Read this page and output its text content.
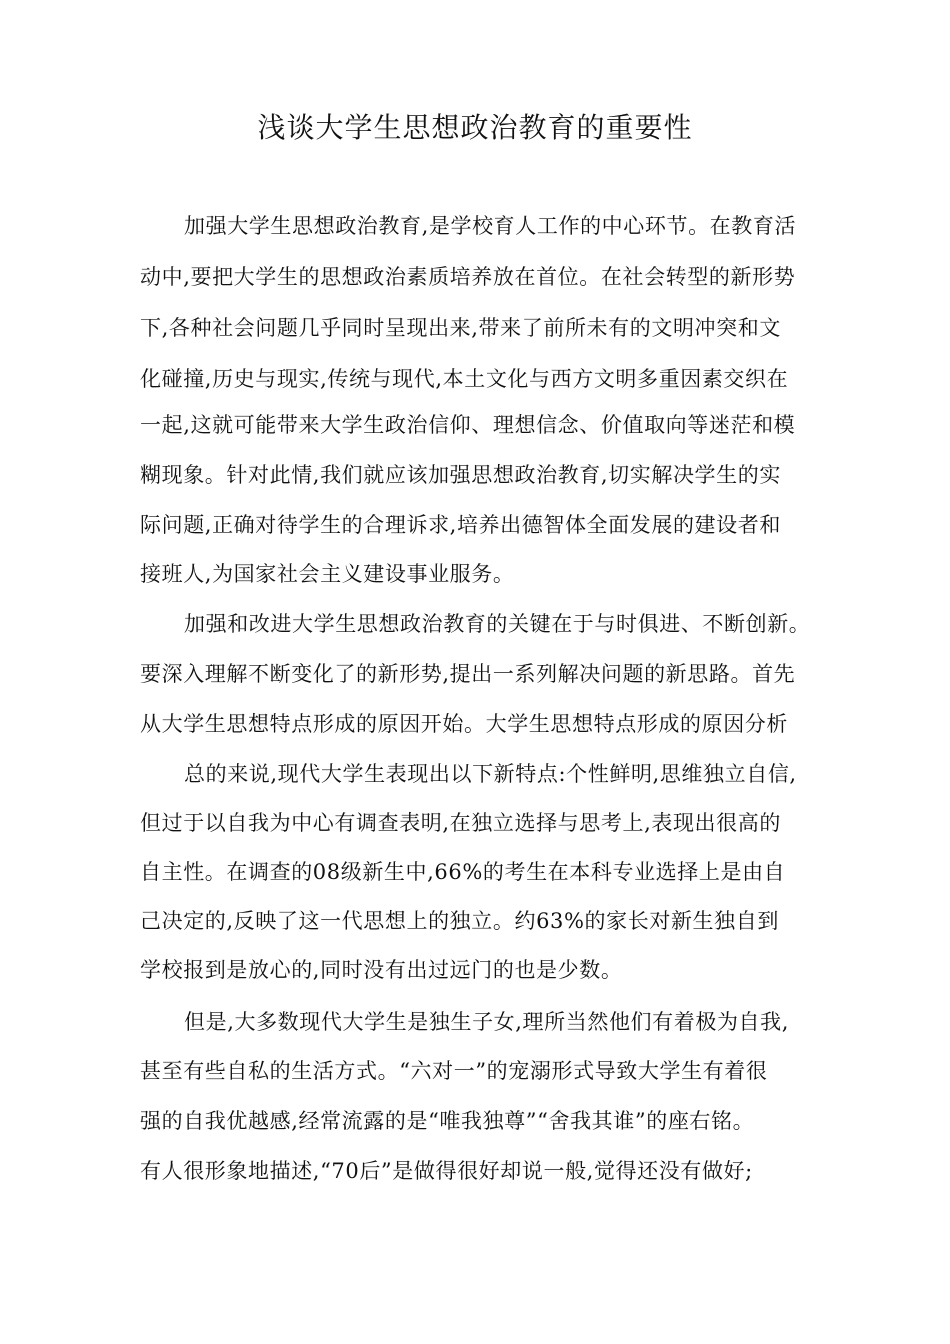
浅谈大学生思想政治教育的重要性
加强大学生思想政治教育,是学校育人工作的中心环节。在教育活
动中,要把大学生的思想政治素质培养放在首位。在社会转型的新形势
下,各种社会问题几乎同时呈现出来,带来了前所未有的文明冲突和文
化碰撞,历史与现实,传统与现代,本土文化与西方文明多重因素交织在
一起,这就可能带来大学生政治信仰、理想信念、价值取向等迷茫和模
糊现象。针对此情,我们就应该加强思想政治教育,切实解决学生的实
际问题,正确对待学生的合理诉求,培养出德智体全面发展的建设者和
接班人,为国家社会主义建设事业服务。
加强和改进大学生思想政治教育的关键在于与时俱进、不断创新。
要深入理解不断变化了的新形势,提出一系列解决问题的新思路。首先
从大学生思想特点形成的原因开始。大学生思想特点形成的原因分析
总的来说,现代大学生表现出以下新特点:个性鲜明,思维独立自信,
但过于以自我为中心有调查表明,在独立选择与思考上,表现出很高的
自主性。在调查的08级新生中,66%的考生在本科专业选择上是由自
己决定的,反映了这一代思想上的独立。约63%的家长对新生独自到
学校报到是放心的,同时没有出过远门的也是少数。
但是,大多数现代大学生是独生子女,理所当然他们有着极为自我,
甚至有些自私的生活方式。“六对一”的宠溺形式导致大学生有着很
强的自我优越感,经常流露的是“唯我独尊”“舍我其谁”的座右铭。
有人很形象地描述,“70后”是做得很好却说一般,觉得还没有做好;
